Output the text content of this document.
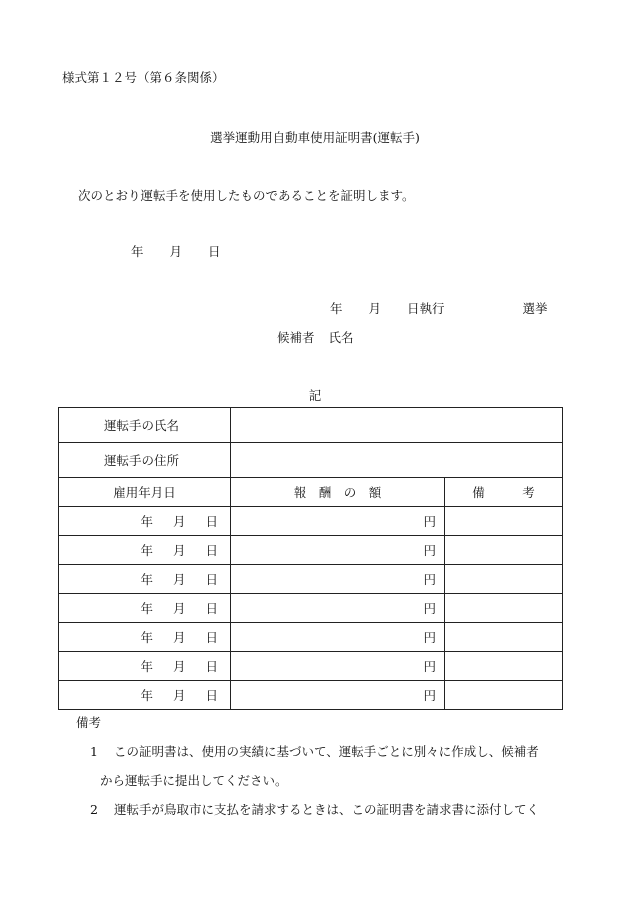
様式第１２号（第６条関係）
選挙運動用自動車使用証明書(運転手)
次のとおり運転手を使用したものであることを証明します。
年 月 日
年 月 日執行	選挙
候補者 氏名
記
運転手の氏名		
運転手の住所		
雇用年月日	報　酬　の　額	備　　　考
年 月 日	円	
年 月 日	円	
年 月 日	円	
年 月 日	円	
年 月 日	円	
年 月 日	円	
年 月 日	円	
備考
1 この証明書は、使用の実績に基づいて、運転手ごとに別々に作成し、候補者
から運転手に提出してください。
2 運転手が鳥取市に支払を請求するときは、この証明書を請求書に添付してく
